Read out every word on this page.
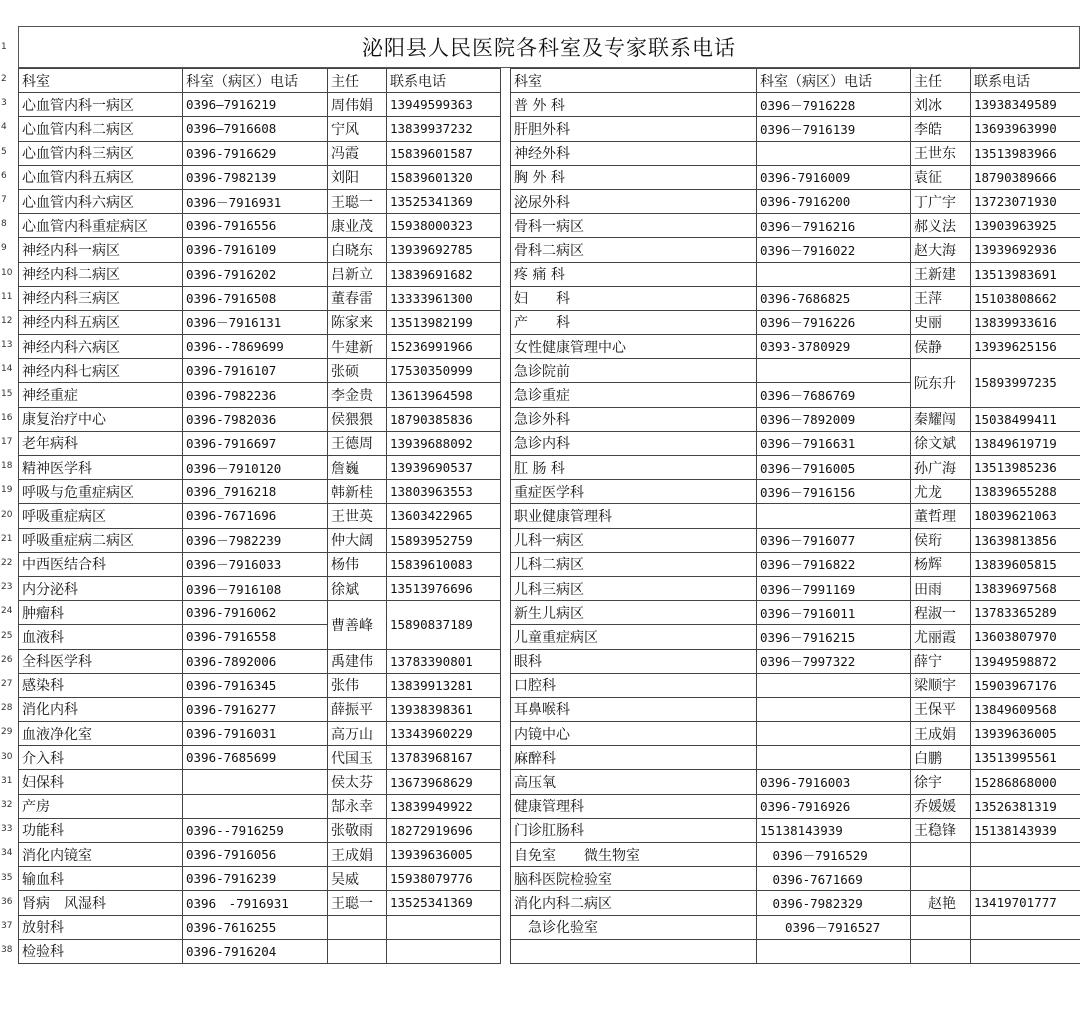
1
2
3
4
5
6
7
8
9
10
11
12
13
14
15
16
17
18
19
20
21
22
23
24
25
26
27
28
29
30
31
32
33
34
35
36
37
38
泌阳县人民医院各科室及专家联系电话
科室	科室（病区）电话	主任	联系电话
心血管内科一病区	0396—7916219	周伟娟	13949599363
心血管内科二病区	0396—7916608	宁风	13839937232
心血管内科三病区	0396-7916629	冯霞	15839601587
心血管内科五病区	0396-7982139	刘阳	15839601320
心血管内科六病区	0396－7916931	王聪一	13525341369
心血管内科重症病区	0396-7916556	康业茂	15938000323
神经内科一病区	0396-7916109	白晓东	13939692785
神经内科二病区	0396-7916202	吕新立	13839691682
神经内科三病区	0396-7916508	董春雷	13333961300
神经内科五病区	0396－7916131	陈家来	13513982199
神经内科六病区	0396--7869699	牛建新	15236991966
神经内科七病区	0396-7916107	张硕	17530350999
神经重症	0396-7982236	李金贵	13613964598
康复治疗中心	0396-7982036	侯猥猥	18790385836
老年病科	0396-7916697	王德周	13939688092
精神医学科	0396－7910120	詹巍	13939690537
呼吸与危重症病区	0396_7916218	韩新桂	13803963553
呼吸重症病区	0396-7671696	王世英	13603422965
呼吸重症病二病区	0396－7982239	仲大阔	15893952759
中西医结合科	0396－7916033	杨伟	15839610083
内分泌科	0396－7916108	徐斌	13513976696
肿瘤科	0396-7916062	曹善峰	15890837189
血液科	0396-7916558		
全科医学科	0396-7892006	禹建伟	13783390801
感染科	0396-7916345	张伟	13839913281
消化内科	0396-7916277	薛振平	13938398361
血液净化室	0396-7916031	高万山	13343960229
介入科	0396-7685699	代国玉	13783968167
妇保科		侯太芬	13673968629
产房		郜永幸	13839949922
功能科	0396--7916259	张敬雨	18272919696
消化内镜室	0396-7916056	王成娟	13939636005
输血科	0396-7916239	吴威	15938079776
肾病　风湿科	0396　-7916931	王聪一	13525341369
放射科	0396-7616255		
检验科	0396-7916204		
科室	科室（病区）电话	主任	联系电话
普 外 科	0396－7916228	刘冰	13938349589
肝胆外科	0396－7916139	李皓	13693963990
神经外科		王世东	13513983966
胸 外 科	0396-7916009	袁征	18790389666
泌尿外科	0396-7916200	丁广宇	13723071930
骨科一病区	0396－7916216	郝义法	13903963925
骨科二病区	0396－7916022	赵大海	13939692936
疼 痛 科		王新建	13513983691
妇　　科	0396-7686825	王萍	15103808662
产　　科	0396－7916226	史丽	13839933616
女性健康管理中心	0393-3780929	侯静	13939625156
急诊院前		阮东升	15893997235
急诊重症	0396－7686769		
急诊外科	0396－7892009	秦耀闯	15038499411
急诊内科	0396－7916631	徐文斌	13849619719
肛 肠 科	0396－7916005	孙广海	13513985236
重症医学科	0396－7916156	尤龙	13839655288
职业健康管理科		董哲理	18039621063
儿科一病区	0396－7916077	侯珩	13639813856
儿科二病区	0396－7916822	杨辉	13839605815
儿科三病区	0396－7991169	田雨	13839697568
新生儿病区	0396－7916011	程淑一	13783365289
儿童重症病区	0396－7916215	尤丽霞	13603807970
眼科	0396－7997322	薛宁	13949598872
口腔科		梁顺宇	15903967176
耳鼻喉科		王保平	13849609568
内镜中心		王成娟	13939636005
麻醉科		白鹏	13513995561
高压氧	0396-7916003	徐宇	15286868000
健康管理科	0396-7916926	乔媛媛	13526381319
门诊肛肠科	15138143939	王稳锋	15138143939
自免室　　微生物室	　0396－7916529		
脑科医院检验室	　0396-7671669		
消化内科二病区	　0396-7982329	　赵艳	13419701777
　急诊化验室	　　0396－7916527		
